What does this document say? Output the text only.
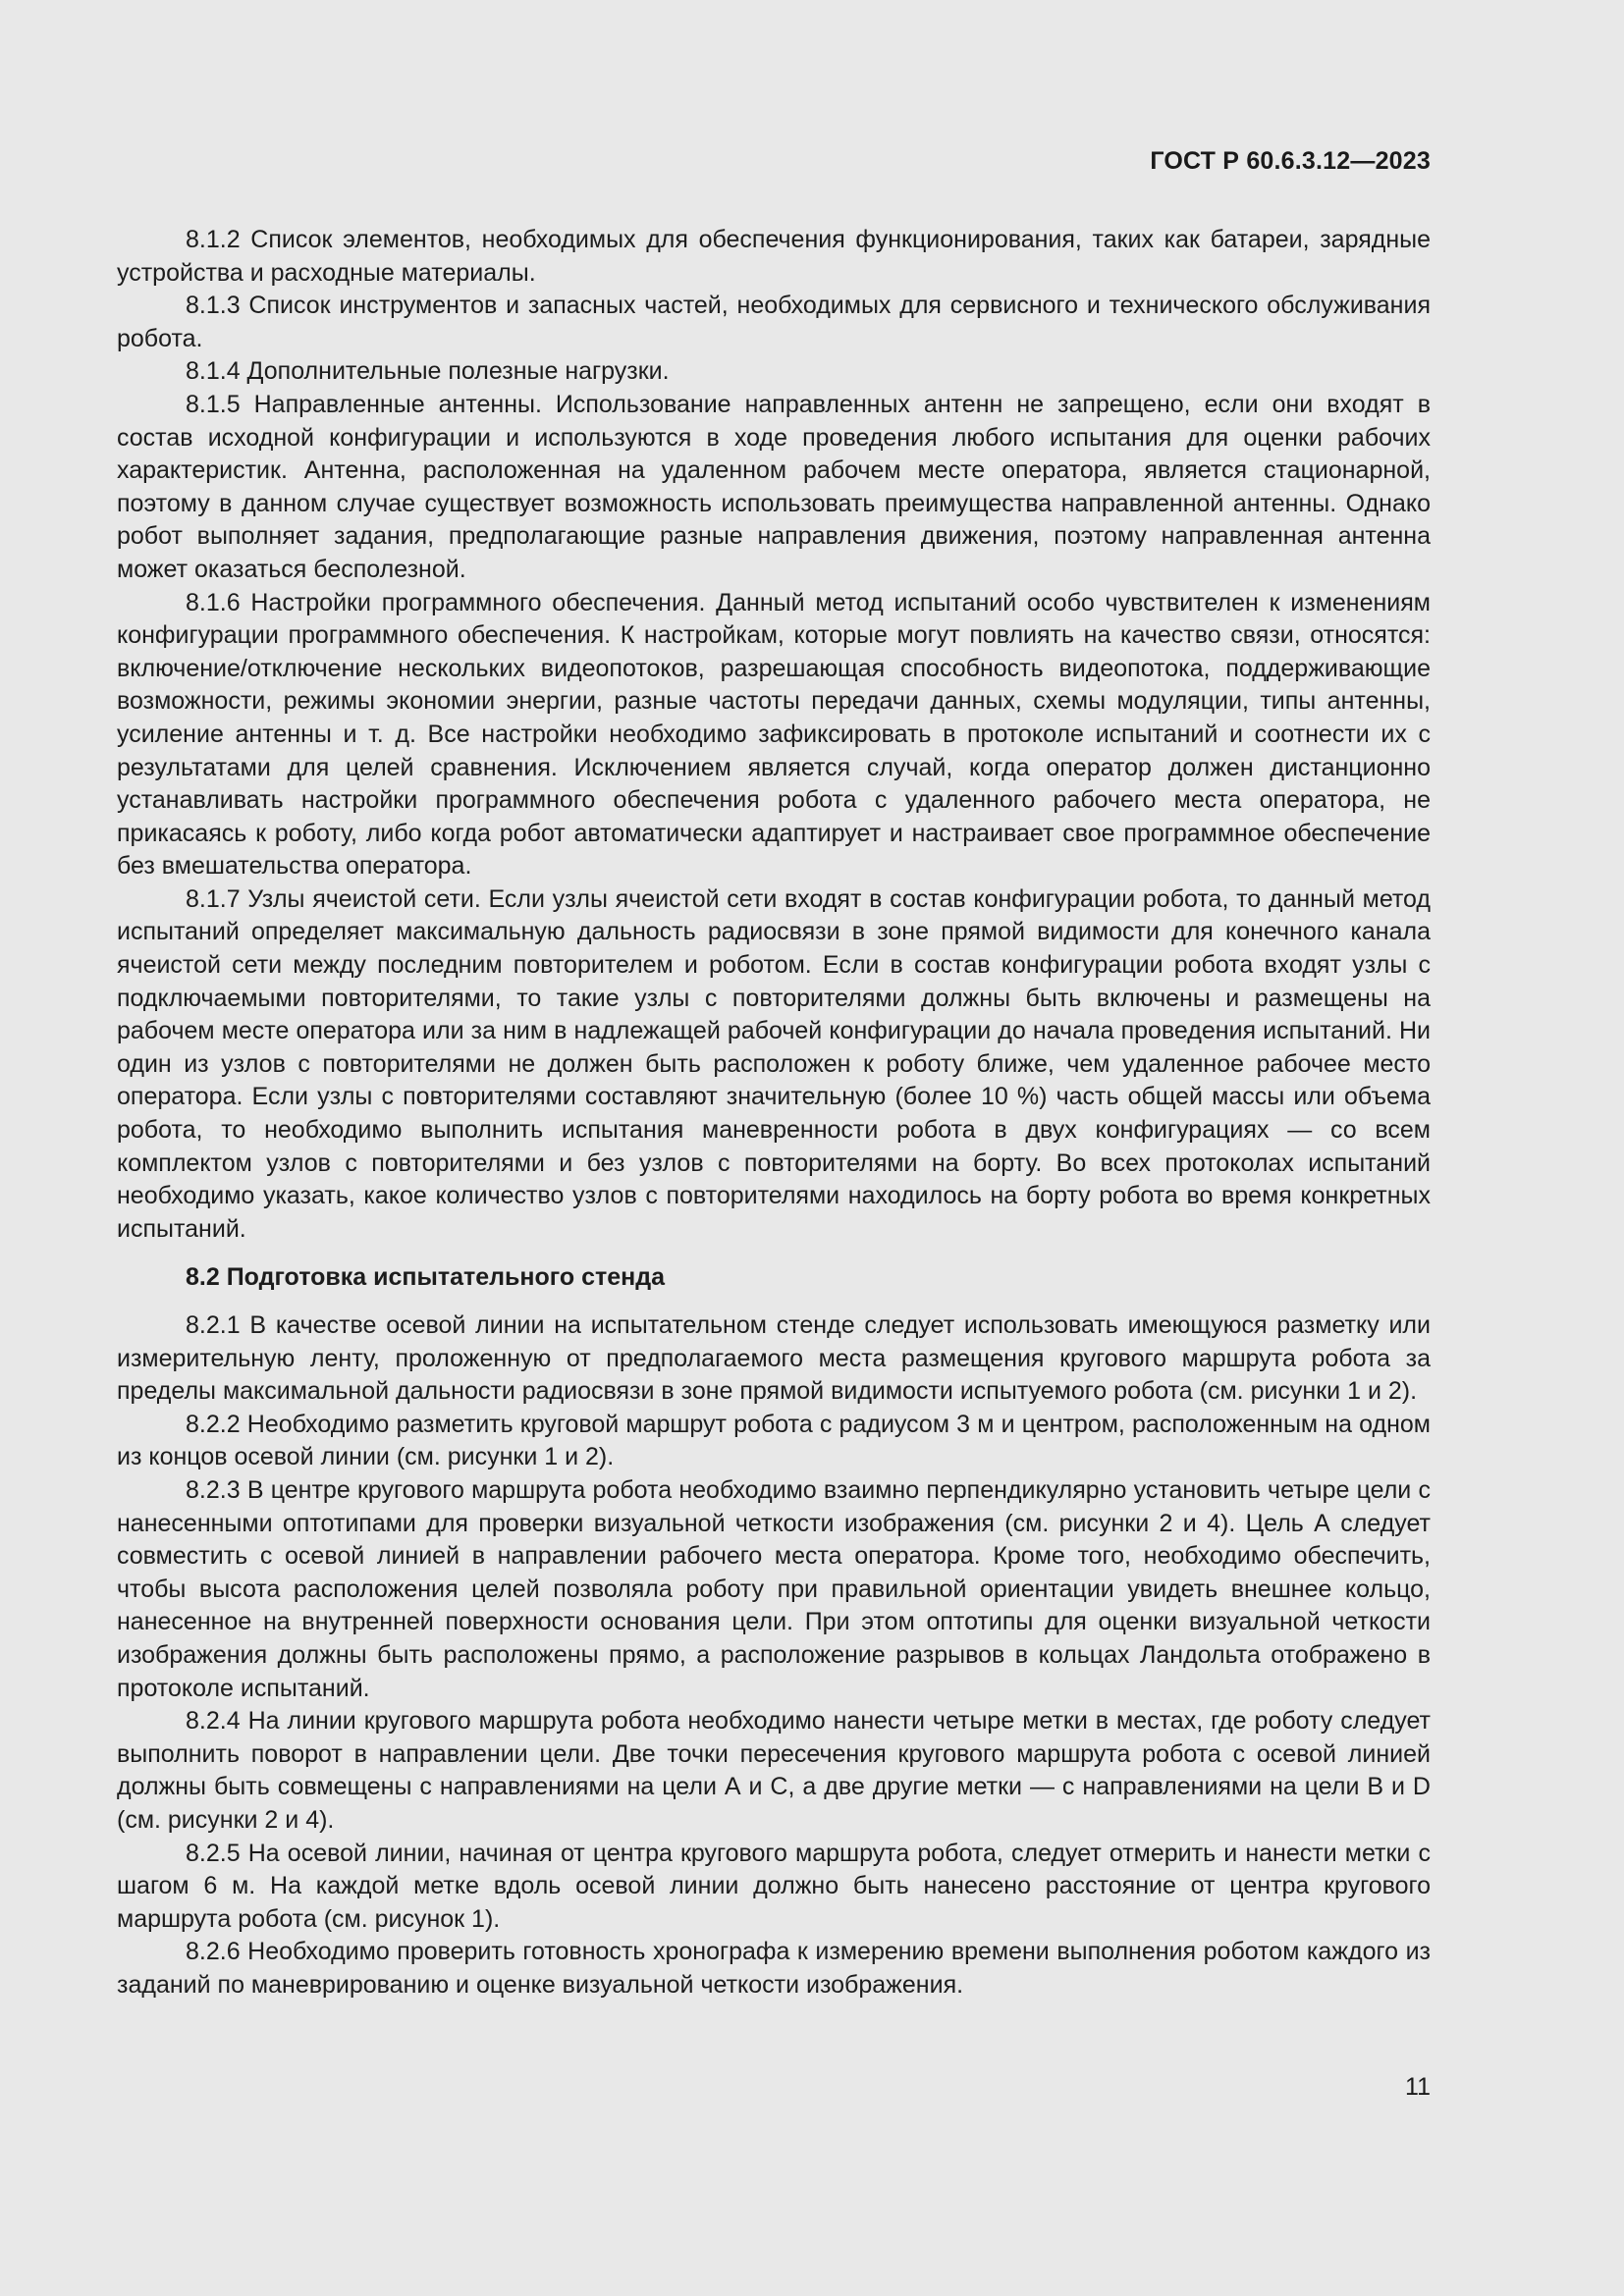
ГОСТ Р 60.6.3.12—2023

8.1.2 Список элементов, необходимых для обеспечения функционирования, таких как батареи, зарядные устройства и расходные материалы.

8.1.3 Список инструментов и запасных частей, необходимых для сервисного и технического обслуживания робота.

8.1.4 Дополнительные полезные нагрузки.

8.1.5 Направленные антенны. Использование направленных антенн не запрещено, если они входят в состав исходной конфигурации и используются в ходе проведения любого испытания для оценки рабочих характеристик. Антенна, расположенная на удаленном рабочем месте оператора, является стационарной, поэтому в данном случае существует возможность использовать преимущества направленной антенны. Однако робот выполняет задания, предполагающие разные направления движения, поэтому направленная антенна может оказаться бесполезной.

8.1.6 Настройки программного обеспечения. Данный метод испытаний особо чувствителен к изменениям конфигурации программного обеспечения. К настройкам, которые могут повлиять на качество связи, относятся: включение/отключение нескольких видеопотоков, разрешающая способность видеопотока, поддерживающие возможности, режимы экономии энергии, разные частоты передачи данных, схемы модуляции, типы антенны, усиление антенны и т. д. Все настройки необходимо зафиксировать в протоколе испытаний и соотнести их с результатами для целей сравнения. Исключением является случай, когда оператор должен дистанционно устанавливать настройки программного обеспечения робота с удаленного рабочего места оператора, не прикасаясь к роботу, либо когда робот автоматически адаптирует и настраивает свое программное обеспечение без вмешательства оператора.

8.1.7 Узлы ячеистой сети. Если узлы ячеистой сети входят в состав конфигурации робота, то данный метод испытаний определяет максимальную дальность радиосвязи в зоне прямой видимости для конечного канала ячеистой сети между последним повторителем и роботом. Если в состав конфигурации робота входят узлы с подключаемыми повторителями, то такие узлы с повторителями должны быть включены и размещены на рабочем месте оператора или за ним в надлежащей рабочей конфигурации до начала проведения испытаний. Ни один из узлов с повторителями не должен быть расположен к роботу ближе, чем удаленное рабочее место оператора. Если узлы с повторителями составляют значительную (более 10 %) часть общей массы или объема робота, то необходимо выполнить испытания маневренности робота в двух конфигурациях — со всем комплектом узлов с повторителями и без узлов с повторителями на борту. Во всех протоколах испытаний необходимо указать, какое количество узлов с повторителями находилось на борту робота во время конкретных испытаний.

8.2 Подготовка испытательного стенда

8.2.1 В качестве осевой линии на испытательном стенде следует использовать имеющуюся разметку или измерительную ленту, проложенную от предполагаемого места размещения кругового маршрута робота за пределы максимальной дальности радиосвязи в зоне прямой видимости испытуемого робота (см. рисунки 1 и 2).

8.2.2 Необходимо разметить круговой маршрут робота с радиусом 3 м и центром, расположенным на одном из концов осевой линии (см. рисунки 1 и 2).

8.2.3 В центре кругового маршрута робота необходимо взаимно перпендикулярно установить четыре цели с нанесенными оптотипами для проверки визуальной четкости изображения (см. рисунки 2 и 4). Цель А следует совместить с осевой линией в направлении рабочего места оператора. Кроме того, необходимо обеспечить, чтобы высота расположения целей позволяла роботу при правильной ориентации увидеть внешнее кольцо, нанесенное на внутренней поверхности основания цели. При этом оптотипы для оценки визуальной четкости изображения должны быть расположены прямо, а расположение разрывов в кольцах Ландольта отображено в протоколе испытаний.

8.2.4 На линии кругового маршрута робота необходимо нанести четыре метки в местах, где роботу следует выполнить поворот в направлении цели. Две точки пересечения кругового маршрута робота с осевой линией должны быть совмещены с направлениями на цели А и С, а две другие метки — с направлениями на цели В и D (см. рисунки 2 и 4).

8.2.5 На осевой линии, начиная от центра кругового маршрута робота, следует отмерить и нанести метки с шагом 6 м. На каждой метке вдоль осевой линии должно быть нанесено расстояние от центра кругового маршрута робота (см. рисунок 1).

8.2.6 Необходимо проверить готовность хронографа к измерению времени выполнения роботом каждого из заданий по маневрированию и оценке визуальной четкости изображения.

11
